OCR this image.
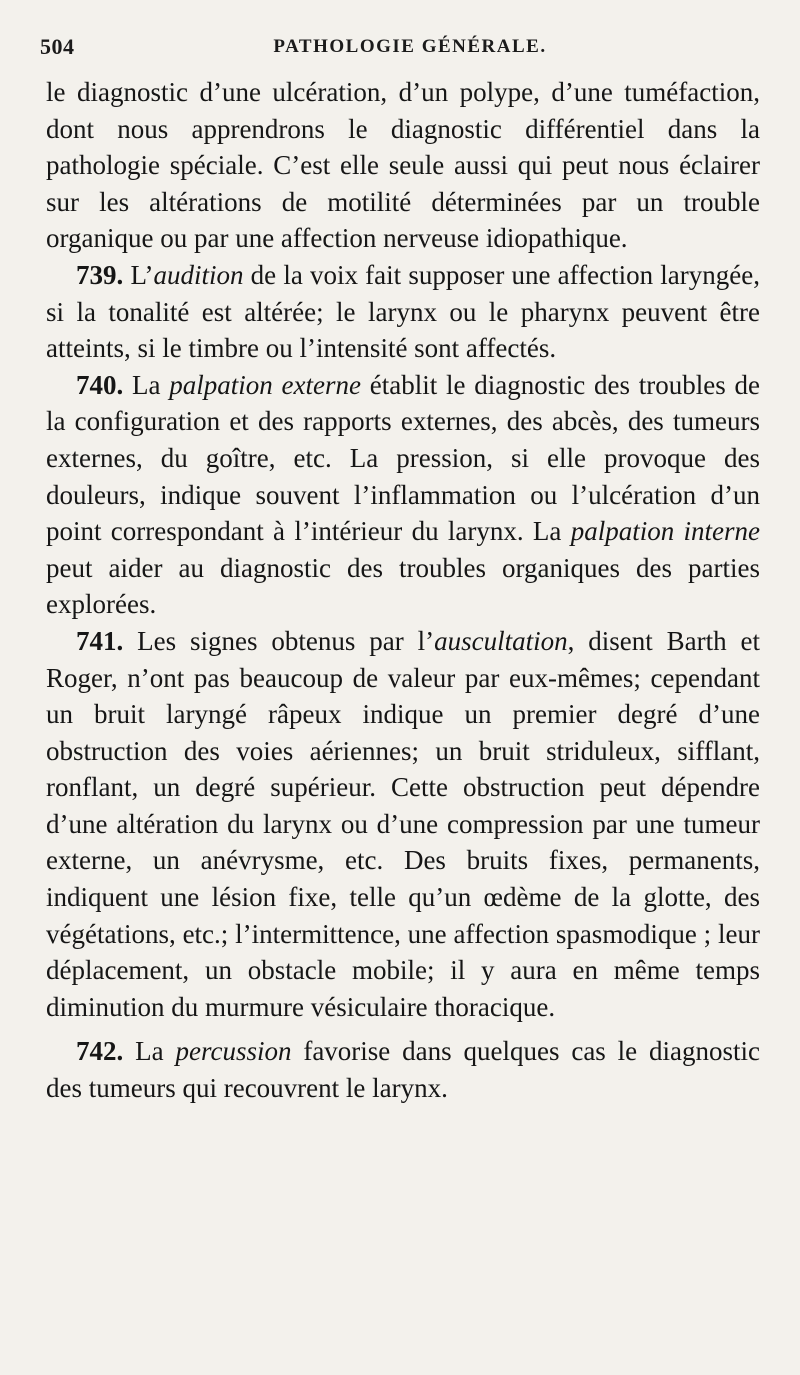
504	PATHOLOGIE GÉNÉRALE.

le diagnostic d’une ulcération, d’un polype, d’une tuméfaction, dont nous apprendrons le diagnostic différentiel dans la pathologie spéciale. C’est elle seule aussi qui peut nous éclairer sur les altérations de motilité déterminées par un trouble organique ou par une affection nerveuse idiopathique.

739. L’audition de la voix fait supposer une affection laryngée, si la tonalité est altérée; le larynx ou le pharynx peuvent être atteints, si le timbre ou l’intensité sont affectés.

740. La palpation externe établit le diagnostic des troubles de la configuration et des rapports externes, des abcès, des tumeurs externes, du goître, etc. La pression, si elle provoque des douleurs, indique souvent l’inflammation ou l’ulcération d’un point correspondant à l’intérieur du larynx. La palpation interne peut aider au diagnostic des troubles organiques des parties explorées.

741. Les signes obtenus par l’auscultation, disent Barth et Roger, n’ont pas beaucoup de valeur par eux-mêmes; cependant un bruit laryngé râpeux indique un premier degré d’une obstruction des voies aériennes; un bruit striduleux, sifflant, ronflant, un degré supérieur. Cette obstruction peut dépendre d’une altération du larynx ou d’une compression par une tumeur externe, un anévrysme, etc. Des bruits fixes, permanents, indiquent une lésion fixe, telle qu’un œdème de la glotte, des végétations, etc.; l’intermittence, une affection spasmodique ; leur déplacement, un obstacle mobile; il y aura en même temps diminution du murmure vésiculaire thoracique.

742. La percussion favorise dans quelques cas le diagnostic des tumeurs qui recouvrent le larynx.
